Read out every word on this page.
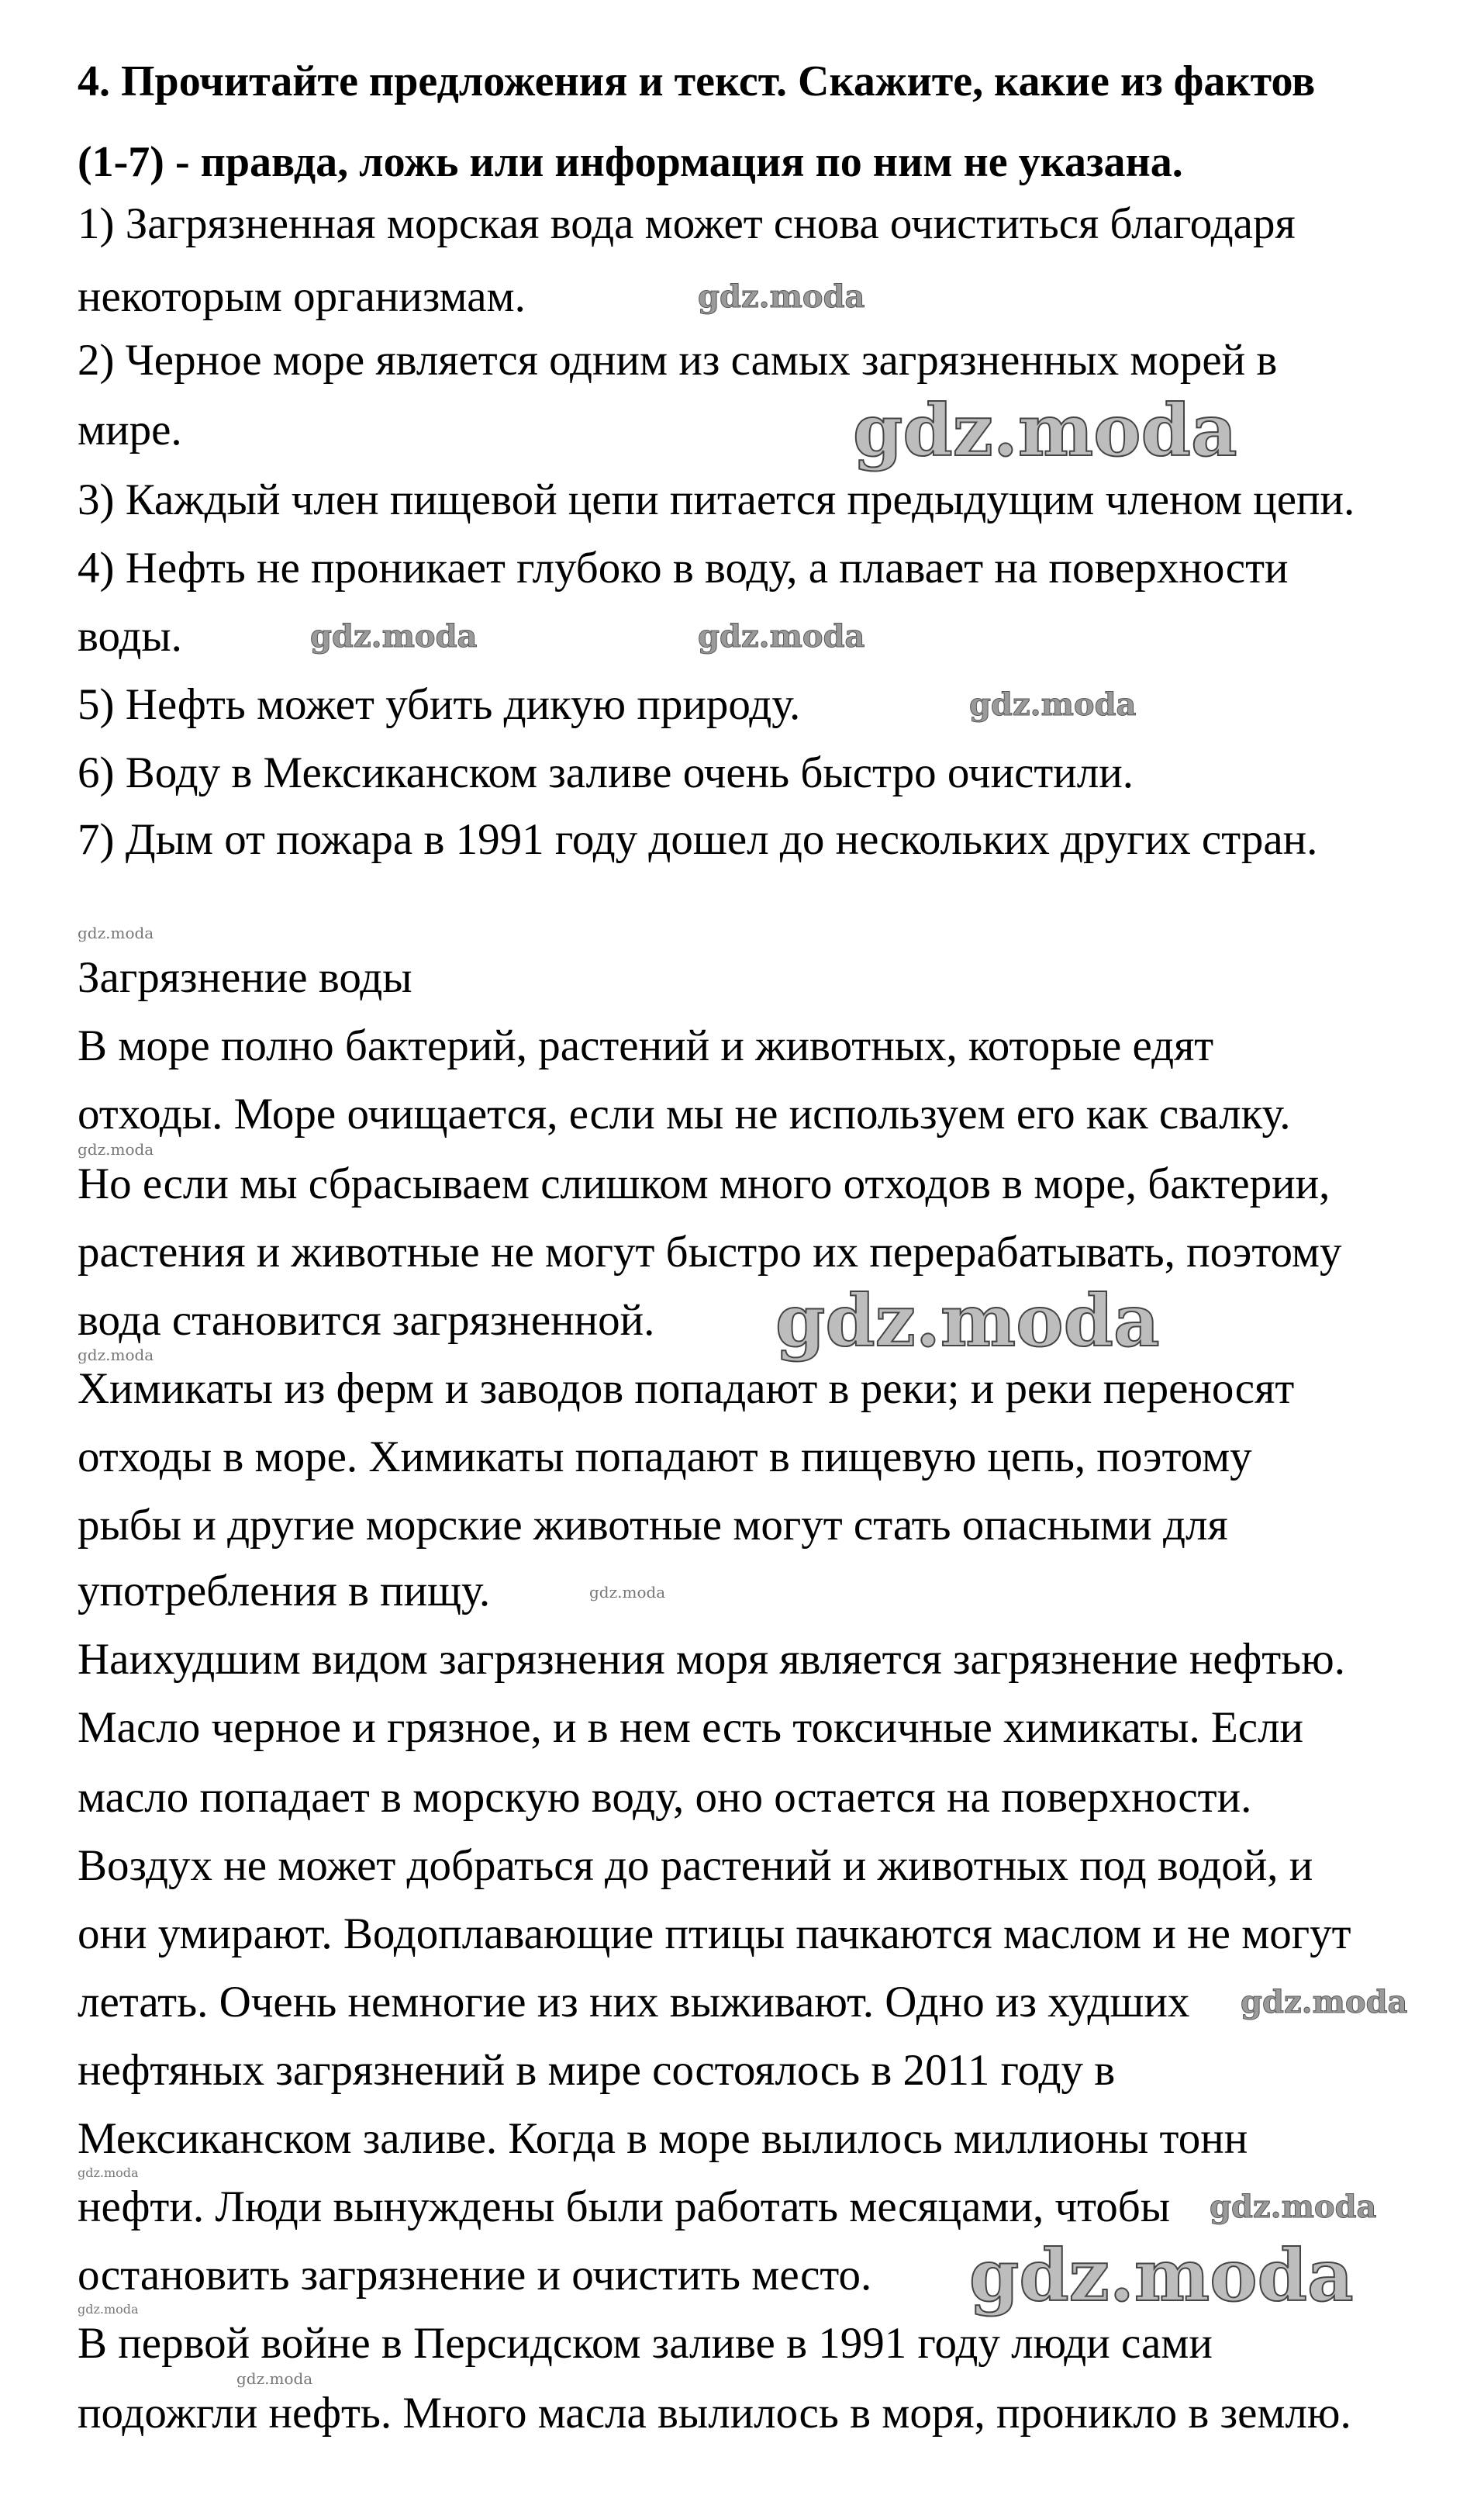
4. Прочитайте предложения и текст. Скажите, какие из фактов
(1-7) - правда, ложь или информация по ним не указана.
1) Загрязненная морская вода может снова очиститься благодаря
некоторым организмам.
2) Черное море является одним из самых загрязненных морей в
мире.
3) Каждый член пищевой цепи питается предыдущим членом цепи.
4) Нефть не проникает глубоко в воду, а плавает на поверхности
воды.
5) Нефть может убить дикую природу.
6) Воду в Мексиканском заливе очень быстро очистили.
7) Дым от пожара в 1991 году дошел до нескольких других стран.
Загрязнение воды
В море полно бактерий, растений и животных, которые едят
отходы. Море очищается, если мы не используем его как свалку.
Но если мы сбрасываем слишком много отходов в море, бактерии,
растения и животные не могут быстро их перерабатывать, поэтому
вода становится загрязненной.
Химикаты из ферм и заводов попадают в реки; и реки переносят
отходы в море. Химикаты попадают в пищевую цепь, поэтому
рыбы и другие морские животные могут стать опасными для
употребления в пищу.
Наихудшим видом загрязнения моря является загрязнение нефтью.
Масло черное и грязное, и в нем есть токсичные химикаты. Если
масло попадает в морскую воду, оно остается на поверхности.
Воздух не может добраться до растений и животных под водой, и
они умирают. Водоплавающие птицы пачкаются маслом и не могут
летать. Очень немногие из них выживают. Одно из худших
нефтяных загрязнений в мире состоялось в 2011 году в
Мексиканском заливе. Когда в море вылилось миллионы тонн
нефти. Люди вынуждены были работать месяцами, чтобы
остановить загрязнение и очистить место.
В первой войне в Персидском заливе в 1991 году люди сами
подожгли нефть. Много масла вылилось в моря, проникло в землю.
gdz.moda
gdz.moda
gdz.moda	gdz.moda
gdz.moda
gdz.moda
gdz.moda
gdz.moda
gdz.moda
gdz.moda
gdz.moda
gdz.moda
gdz.moda
gdz.moda	gdz.moda
gdz.moda
